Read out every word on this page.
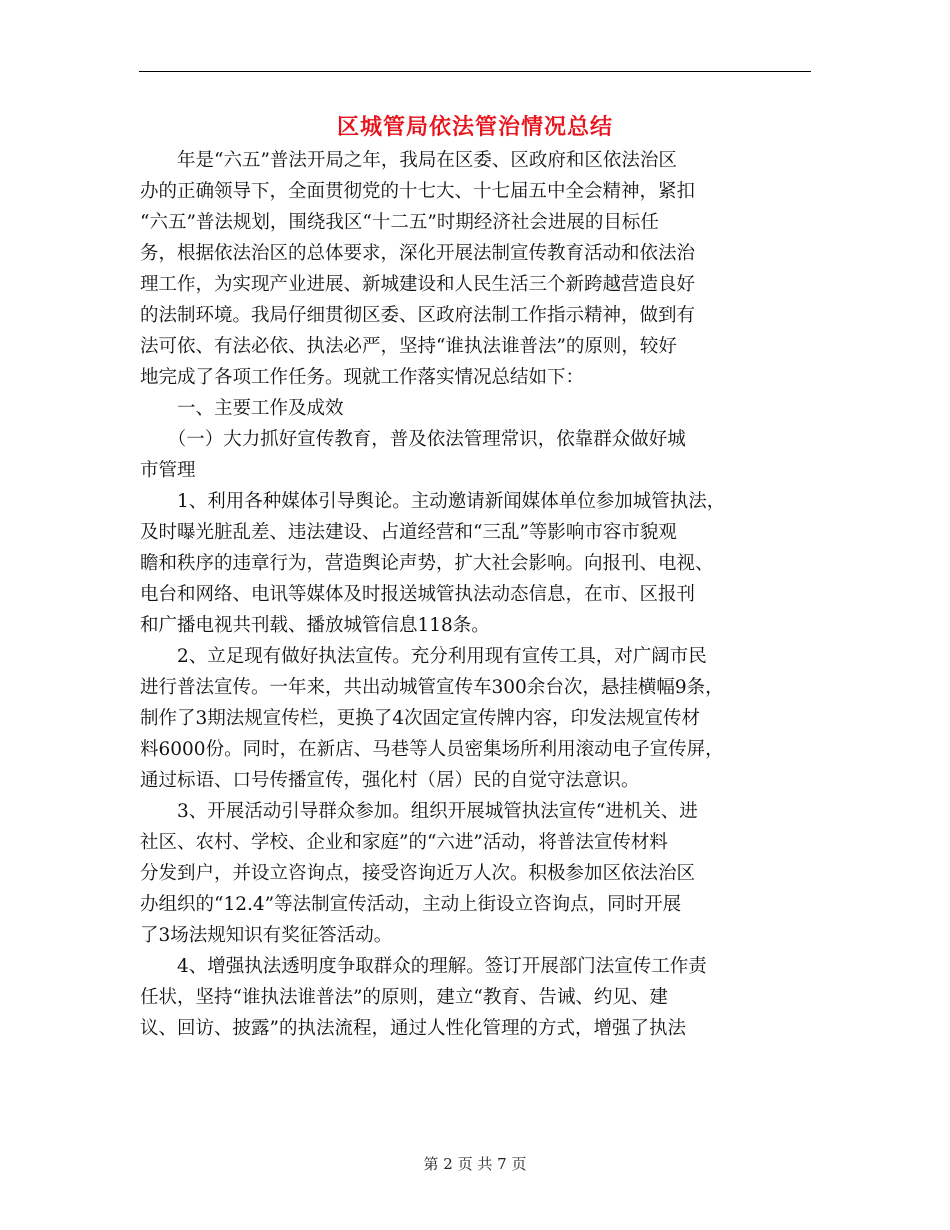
区城管局依法管治情况总结

　　年是“六五”普法开局之年，我局在区委、区政府和区依法治区
办的正确领导下，全面贯彻党的十七大、十七届五中全会精神，紧扣
“六五”普法规划，围绕我区“十二五”时期经济社会进展的目标任
务，根据依法治区的总体要求，深化开展法制宣传教育活动和依法治
理工作，为实现产业进展、新城建设和人民生活三个新跨越营造良好
的法制环境。我局仔细贯彻区委、区政府法制工作指示精神，做到有
法可依、有法必依、执法必严，坚持“谁执法谁普法”的原则，较好
地完成了各项工作任务。现就工作落实情况总结如下：
　　一、主要工作及成效
　　（一）大力抓好宣传教育，普及依法管理常识，依靠群众做好城
市管理
　　1、利用各种媒体引导舆论。主动邀请新闻媒体单位参加城管执法，
及时曝光脏乱差、违法建设、占道经营和“三乱”等影响市容市貌观
瞻和秩序的违章行为，营造舆论声势，扩大社会影响。向报刊、电视、
电台和网络、电讯等媒体及时报送城管执法动态信息，在市、区报刊
和广播电视共刊载、播放城管信息118条。
　　2、立足现有做好执法宣传。充分利用现有宣传工具，对广阔市民
进行普法宣传。一年来，共出动城管宣传车300余台次，悬挂横幅9条，
制作了3期法规宣传栏，更换了4次固定宣传牌内容，印发法规宣传材
料6000份。同时，在新店、马巷等人员密集场所利用滚动电子宣传屏，
通过标语、口号传播宣传，强化村（居）民的自觉守法意识。
　　3、开展活动引导群众参加。组织开展城管执法宣传“进机关、进
社区、农村、学校、企业和家庭”的“六进”活动，将普法宣传材料
分发到户，并设立咨询点，接受咨询近万人次。积极参加区依法治区
办组织的“12.4”等法制宣传活动，主动上街设立咨询点，同时开展
了3场法规知识有奖征答活动。
　　4、增强执法透明度争取群众的理解。签订开展部门法宣传工作责
任状，坚持“谁执法谁普法”的原则，建立“教育、告诫、约见、建
议、回访、披露”的执法流程，通过人性化管理的方式，增强了执法

第 2 页 共 7 页
